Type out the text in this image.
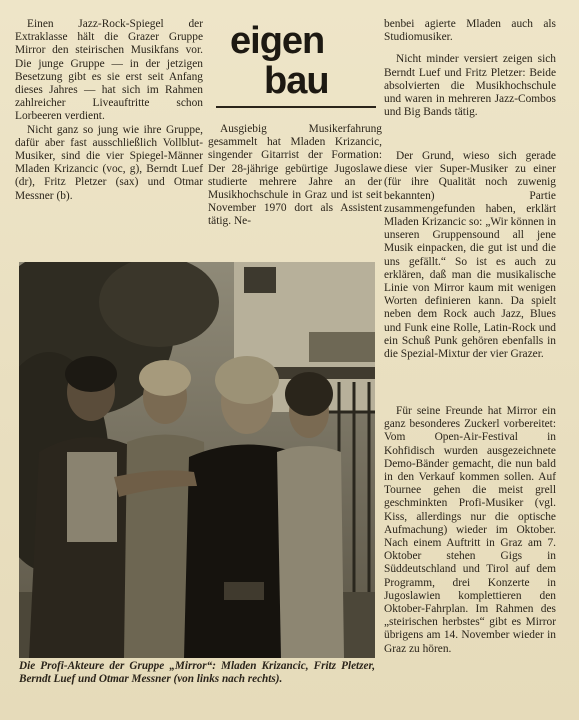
Einen Jazz-Rock-Spiegel der Extraklasse hält die Grazer Gruppe Mirror den steirischen Musikfans vor. Die junge Gruppe — in der jetzigen Besetzung gibt es sie erst seit Anfang dieses Jahres — hat sich im Rahmen zahlreicher Liveauftritte schon Lorbeeren verdient.

Nicht ganz so jung wie ihre Gruppe, dafür aber fast ausschließlich Vollblut-Musiker, sind die vier Spiegel-Männer Mladen Krizancic (voc, g), Berndt Luef (dr), Fritz Pletzer (sax) und Otmar Messner (b).

eigen
bau

Ausgiebig Musikerfahrung gesammelt hat Mladen Krizancic, singender Gitarrist der Formation: Der 28-jährige gebürtige Jugoslawe studierte mehrere Jahre an der Musikhochschule in Graz und ist seit November 1970 dort als Assistent tätig. Ne-

benbei agierte Mladen auch als Studiomusiker.

Nicht minder versiert zeigen sich Berndt Luef und Fritz Pletzer: Beide absolvierten die Musikhochschule und waren in mehreren Jazz-Combos und Big Bands tätig.

Der Grund, wieso sich gerade diese vier Super-Musiker zu einer (für ihre Qualität noch zuwenig bekannten) Partie zusammengefunden haben, erklärt Mladen Krizancic so: „Wir können in unseren Gruppensound all jene Musik einpacken, die gut ist und die uns gefällt.“ So ist es auch zu erklären, daß man die musikalische Linie von Mirror kaum mit wenigen Worten definieren kann. Da spielt neben dem Rock auch Jazz, Blues und Funk eine Rolle, Latin-Rock und ein Schuß Punk gehören ebenfalls in die Spezial-Mixtur der vier Grazer.

Für seine Freunde hat Mirror ein ganz besonderes Zuckerl vorbereitet: Vom Open-Air-Festival in Kohfidisch wurden ausgezeichnete Demo-Bänder gemacht, die nun bald in den Verkauf kommen sollen. Auf Tournee gehen die meist grell geschminkten Profi-Musiker (vgl. Kiss, allerdings nur die optische Aufmachung) wieder im Oktober. Nach einem Auftritt in Graz am 7. Oktober stehen Gigs in Süddeutschland und Tirol auf dem Programm, drei Konzerte in Jugoslawien komplettieren den Oktober-Fahrplan. Im Rahmen des „steirischen herbstes“ gibt es Mirror übrigens am 14. November wieder in Graz zu hören.

Die Profi-Akteure der Gruppe „Mirror“: Mladen Krizancic, Fritz Pletzer, Berndt Luef und Otmar Messner (von links nach rechts).
